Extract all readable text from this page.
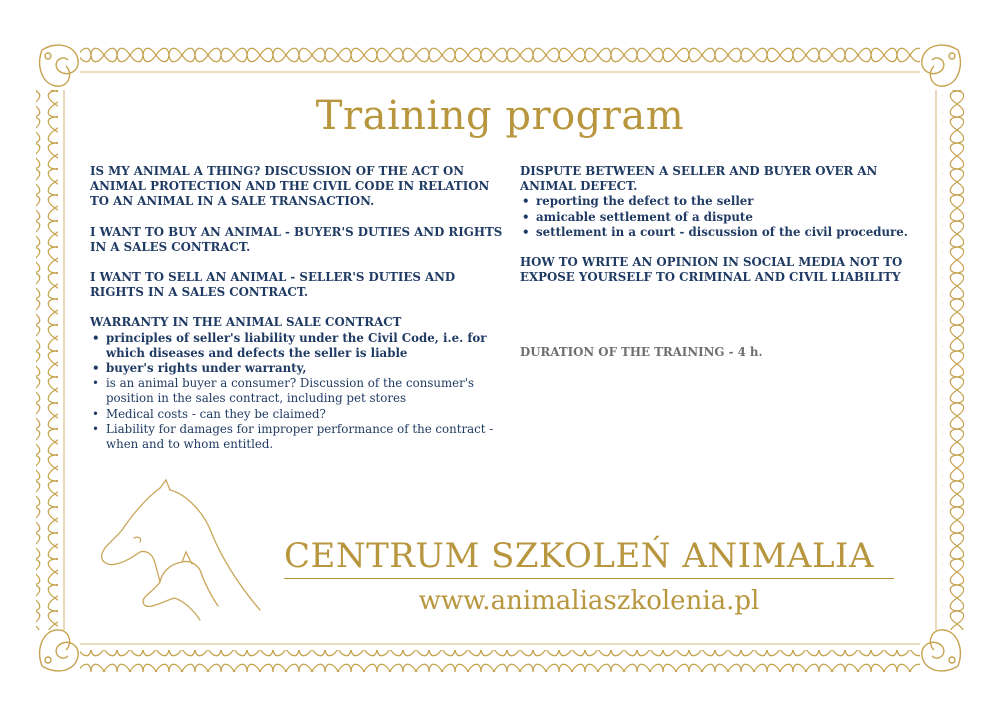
Training program

IS MY ANIMAL A THING? DISCUSSION OF THE ACT ON ANIMAL PROTECTION AND THE CIVIL CODE IN RELATION TO AN ANIMAL IN A SALE TRANSACTION.

I WANT TO BUY AN ANIMAL - BUYER'S DUTIES AND RIGHTS IN A SALES CONTRACT.

I WANT TO SELL AN ANIMAL - SELLER'S DUTIES AND RIGHTS IN A SALES CONTRACT.

WARRANTY IN THE ANIMAL SALE CONTRACT

• principles of seller's liability under the Civil Code, i.e. for which diseases and defects the seller is liable
• buyer's rights under warranty,
• is an animal buyer a consumer? Discussion of the consumer's position in the sales contract, including pet stores
• Medical costs - can they be claimed?
• Liability for damages for improper performance of the contract - when and to whom entitled.

DISPUTE BETWEEN A SELLER AND BUYER OVER AN ANIMAL DEFECT.

• reporting the defect to the seller
• amicable settlement of a dispute
• settlement in a court - discussion of the civil procedure.

HOW TO WRITE AN OPINION IN SOCIAL MEDIA NOT TO EXPOSE YOURSELF TO CRIMINAL AND CIVIL LIABILITY

DURATION OF THE TRAINING - 4 h.
CENTRUM SZKOLEŃ ANIMALIA
www.animaliaszkolenia.pl
